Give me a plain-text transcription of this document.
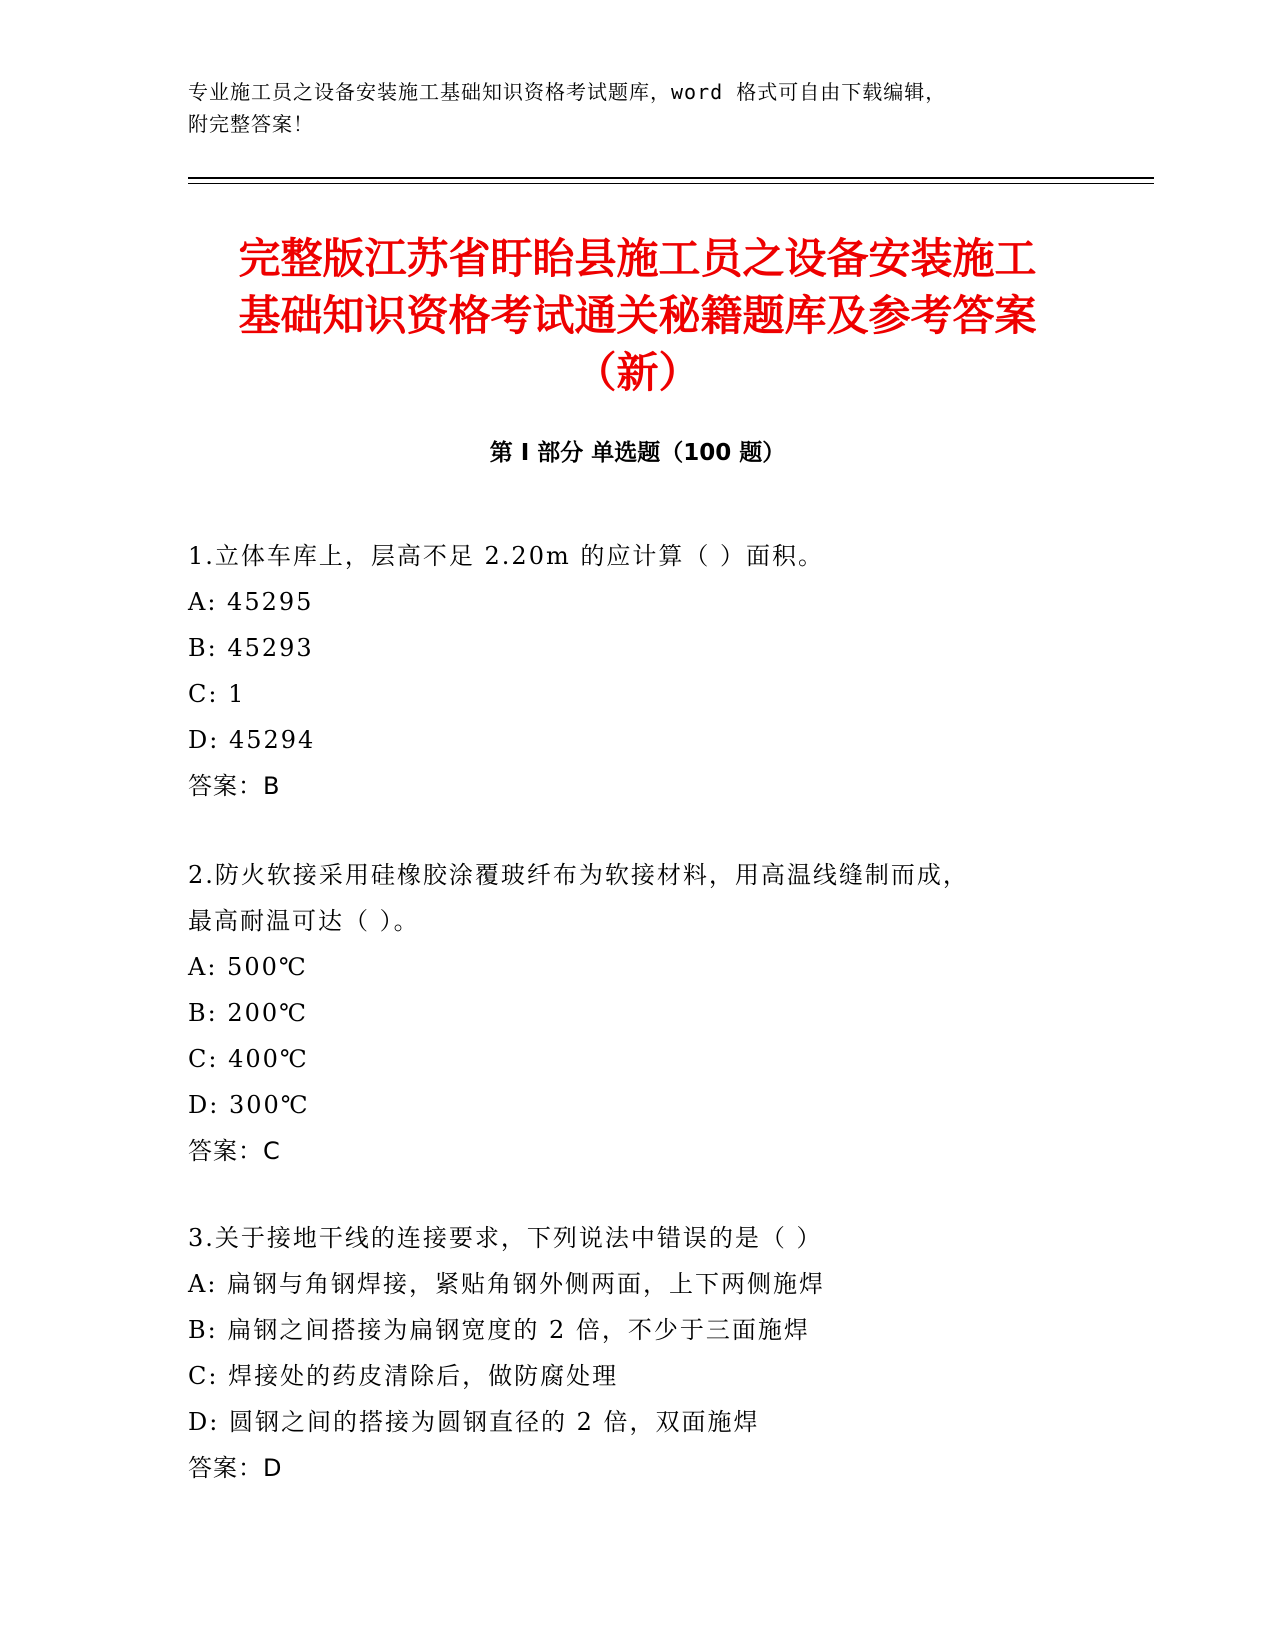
专业施工员之设备安装施工基础知识资格考试题库，word 格式可自由下载编辑，
附完整答案！
完整版江苏省盱眙县施工员之设备安装施工
基础知识资格考试通关秘籍题库及参考答案
（新）
第 I 部分 单选题（100 题）
1.立体车库上，层高不足 2.20m 的应计算（ ）面积。
A: 45295
B: 45293
C: 1
D: 45294
答案：B
2.防火软接采用硅橡胶涂覆玻纤布为软接材料，用高温线缝制而成，
最高耐温可达（ ）。
A: 500℃
B: 200℃
C: 400℃
D: 300℃
答案：C
3.关于接地干线的连接要求，下列说法中错误的是（ ）
A: 扁钢与角钢焊接，紧贴角钢外侧两面，上下两侧施焊
B: 扁钢之间搭接为扁钢宽度的 2 倍，不少于三面施焊
C: 焊接处的药皮清除后，做防腐处理
D: 圆钢之间的搭接为圆钢直径的 2 倍，双面施焊
答案：D
